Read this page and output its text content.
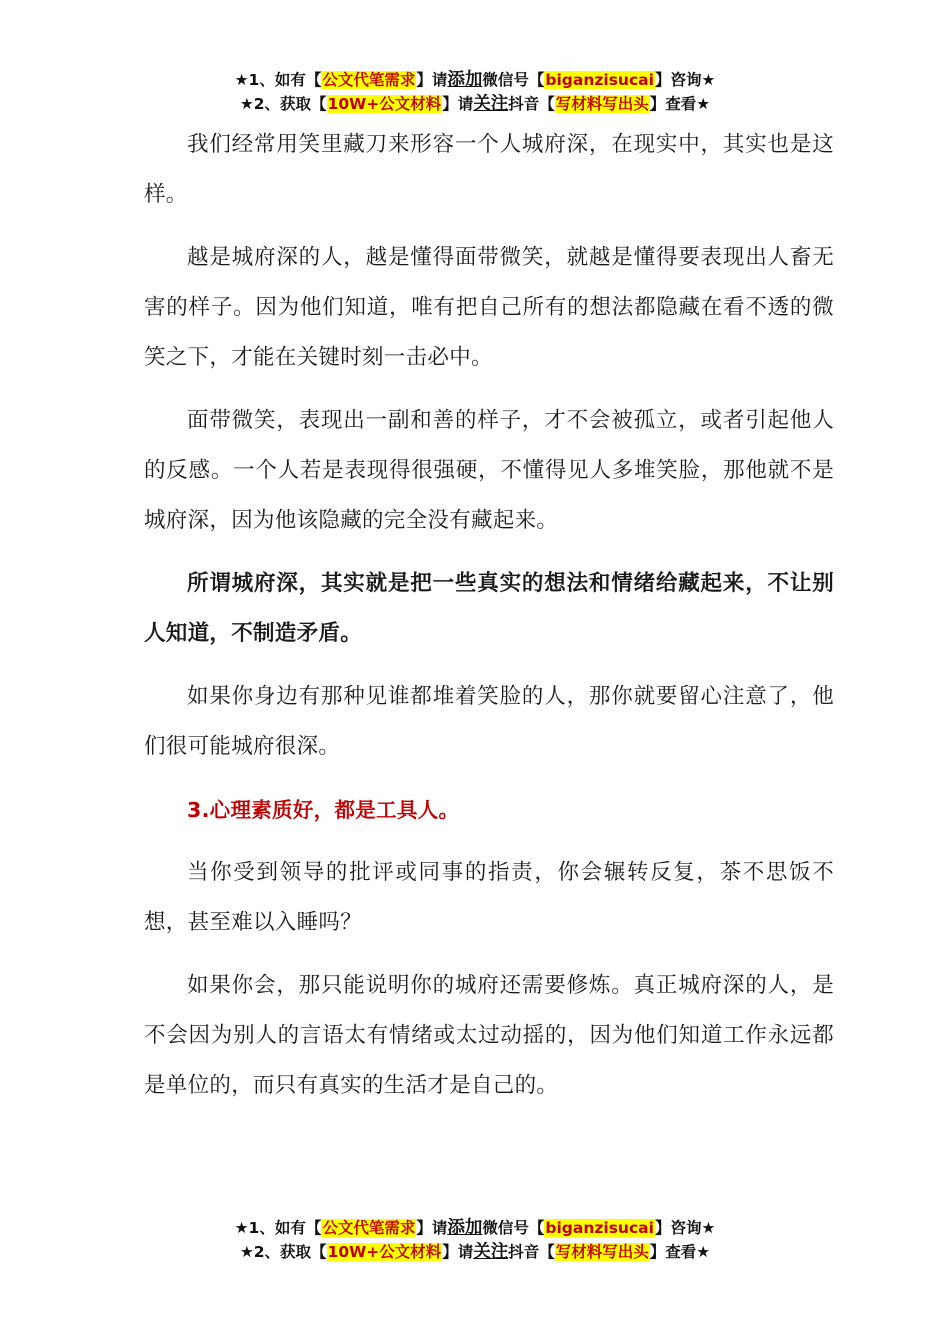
★1、如有【公文代笔需求】请添加微信号【biganzisucai】咨询★
★2、获取【10W+公文材料】请关注抖音【写材料写出头】查看★

我们经常用笑里藏刀来形容一个人城府深，在现实中，其实也是这样。

越是城府深的人，越是懂得面带微笑，就越是懂得要表现出人畜无害的样子。因为他们知道，唯有把自己所有的想法都隐藏在看不透的微笑之下，才能在关键时刻一击必中。

面带微笑，表现出一副和善的样子，才不会被孤立，或者引起他人的反感。一个人若是表现得很强硬，不懂得见人多堆笑脸，那他就不是城府深，因为他该隐藏的完全没有藏起来。

所谓城府深，其实就是把一些真实的想法和情绪给藏起来，不让别人知道，不制造矛盾。

如果你身边有那种见谁都堆着笑脸的人，那你就要留心注意了，他们很可能城府很深。

3.心理素质好，都是工具人。

当你受到领导的批评或同事的指责，你会辗转反复，茶不思饭不想，甚至难以入睡吗？

如果你会，那只能说明你的城府还需要修炼。真正城府深的人，是不会因为别人的言语太有情绪或太过动摇的，因为他们知道工作永远都是单位的，而只有真实的生活才是自己的。

★1、如有【公文代笔需求】请添加微信号【biganzisucai】咨询★
★2、获取【10W+公文材料】请关注抖音【写材料写出头】查看★
